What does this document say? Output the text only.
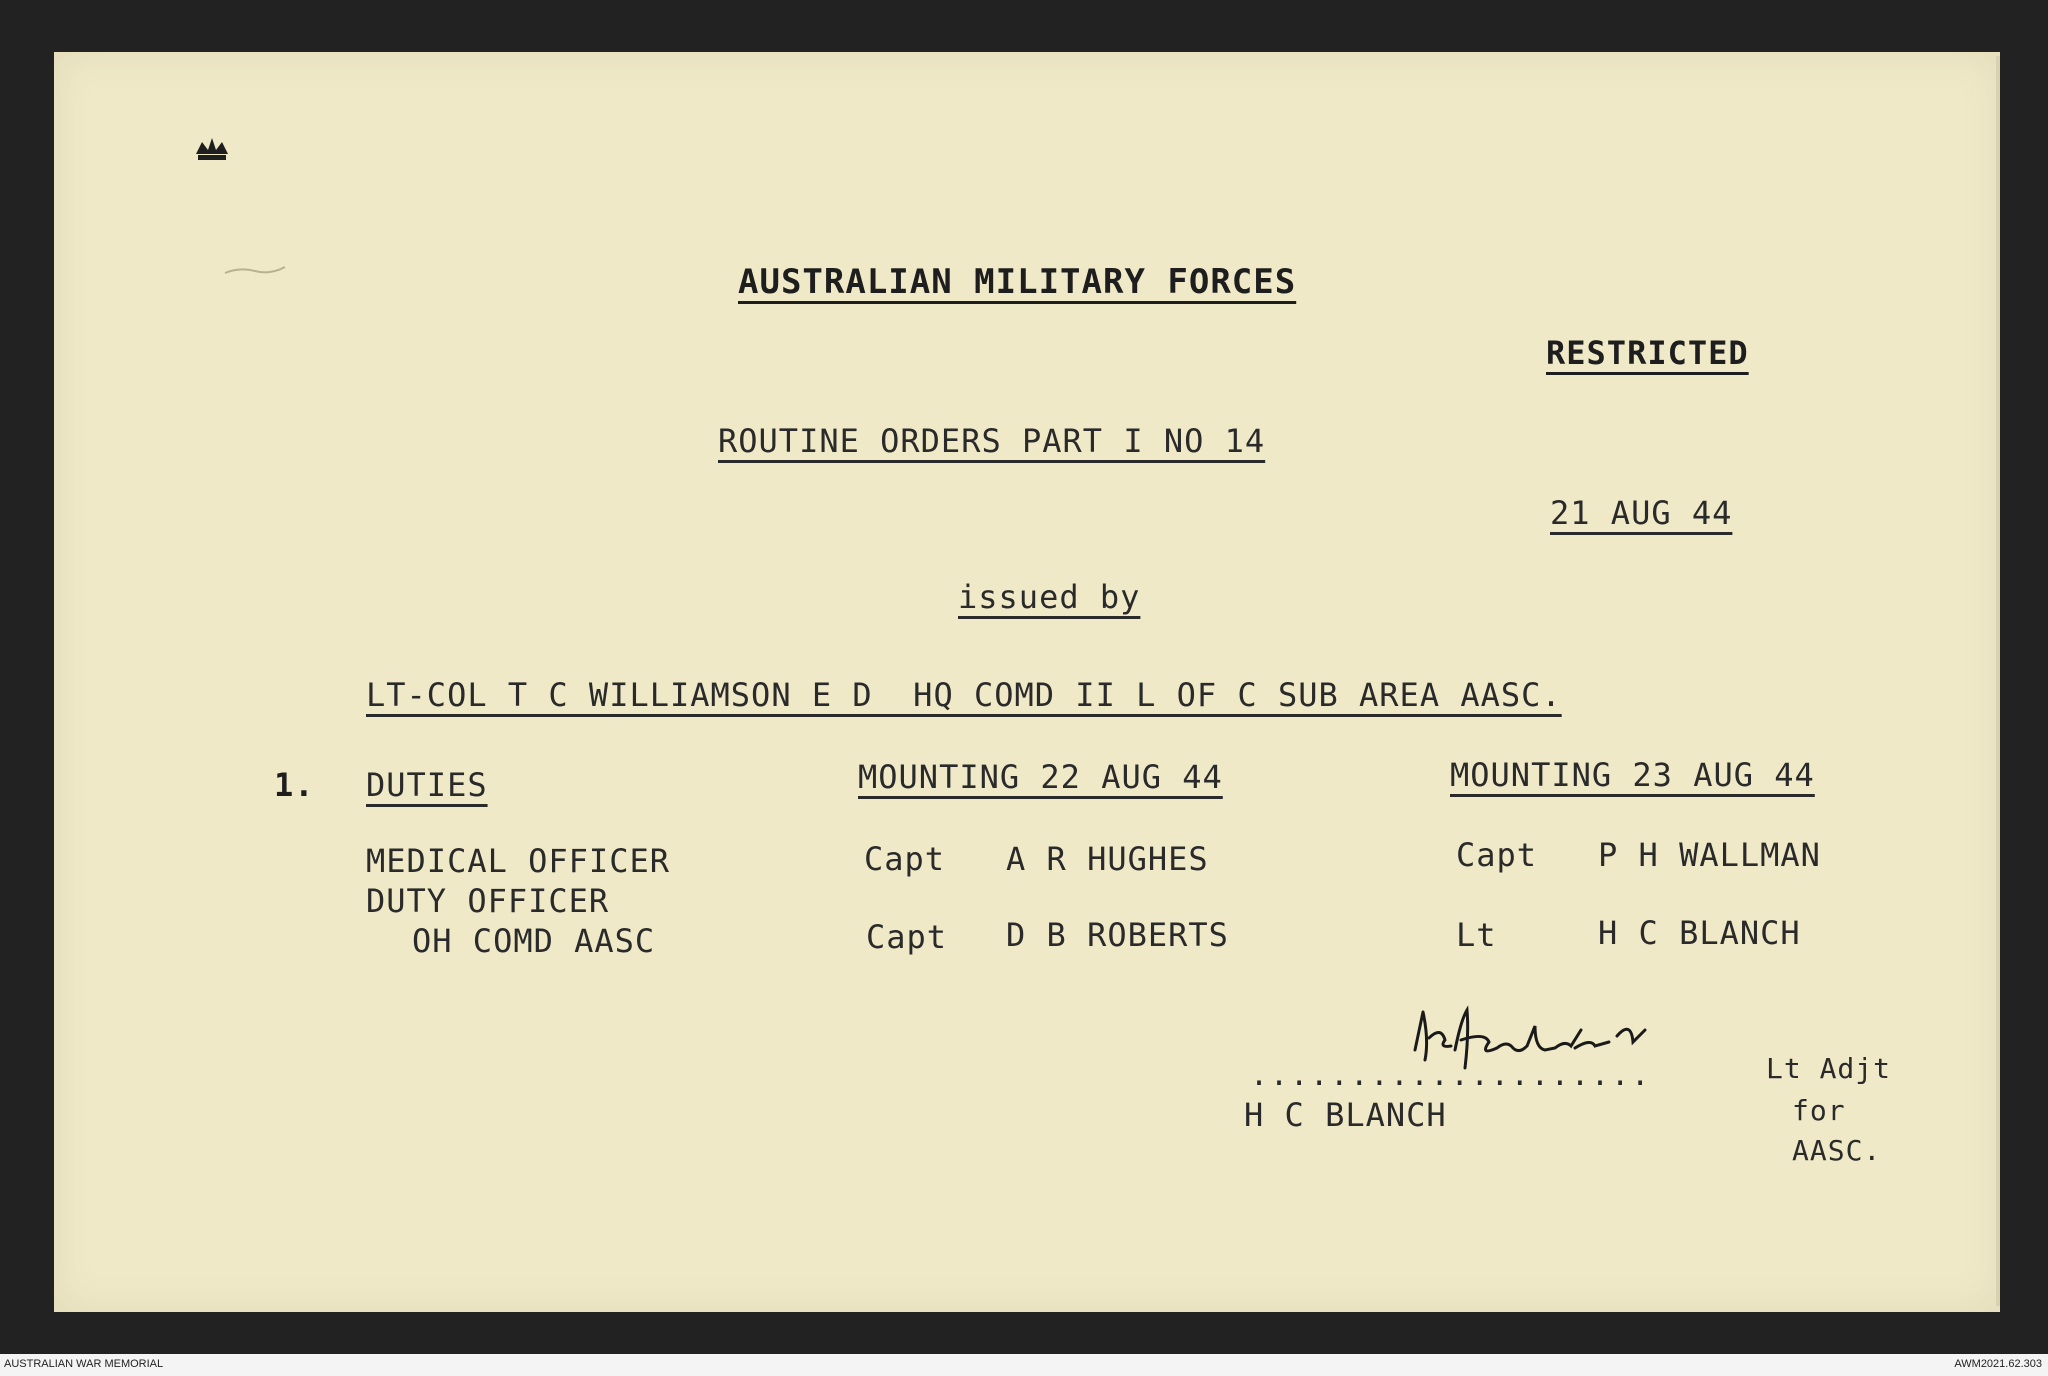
AUSTRALIAN MILITARY FORCES
RESTRICTED
ROUTINE ORDERS PART I NO 14
21 AUG 44
issued by
LT-COL T C WILLIAMSON E D  HQ COMD II L OF C SUB AREA AASC.
1. DUTIES	MOUNTING 22 AUG 44	MOUNTING 23 AUG 44
MEDICAL OFFICER	Capt A R HUGHES	Capt P H WALLMAN
DUTY OFFICER
OH COMD AASC	Capt D B ROBERTS	Lt	H C BLANCH
....................
H C BLANCH
Lt Adjt
for
AASC.
AUSTRALIAN WAR MEMORIAL	AWM2021.62.303
